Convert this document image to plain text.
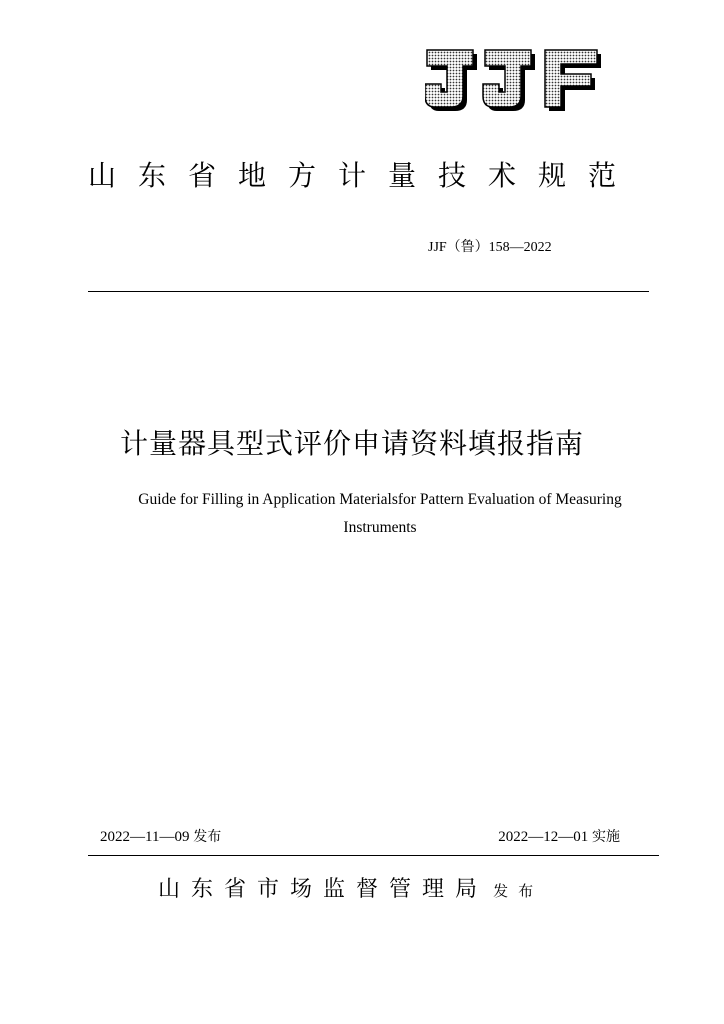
山东省地方计量技术规范
JJF（鲁）158—2022
计量器具型式评价申请资料填报指南
Guide for Filling in Application Materialsfor Pattern Evaluation of Measuring
Instruments
2022—11—09 发布	2022—12—01 实施
山东省市场监督管理局 发布
